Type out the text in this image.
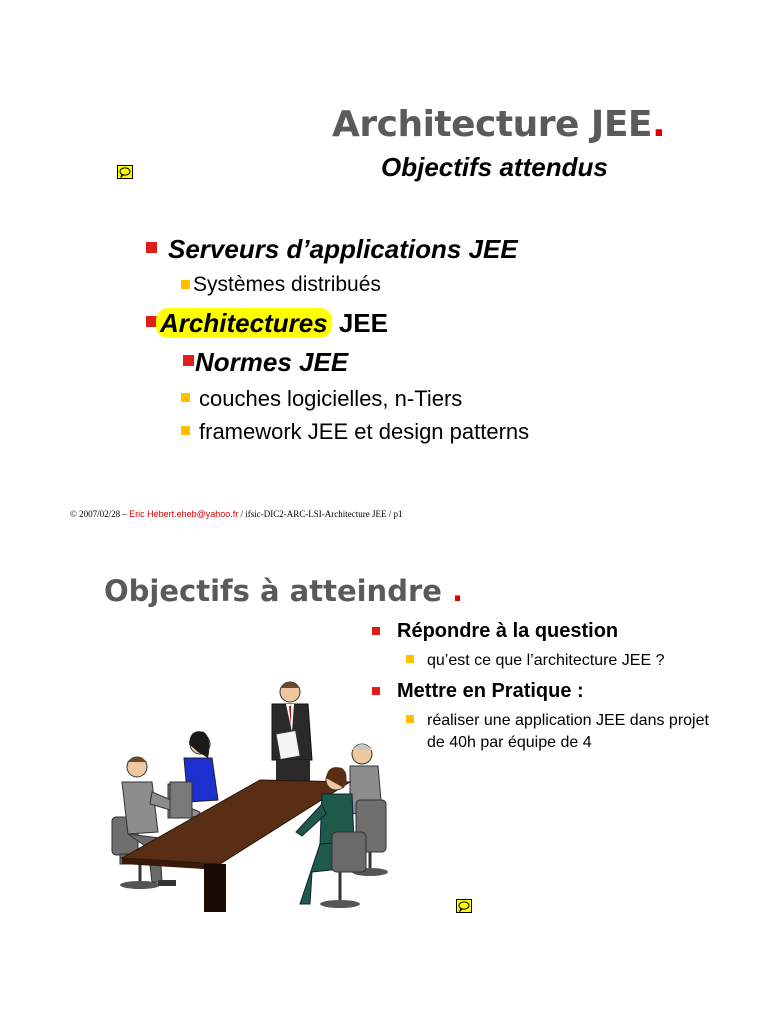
Architecture JEE.
Objectifs attendus
Serveurs d’applications JEE
Systèmes distribués
Architectures JEE
Normes JEE
couches logicielles, n-Tiers
framework JEE et design patterns
© 2007/02/28 – Eric Hébert.eheb@yahoo.fr / ifsic-DIC2-ARC-LSI-Architecture JEE / p1
Objectifs à atteindre .
Répondre à la question
qu’est ce que l’architecture JEE ?
Mettre en Pratique :
réaliser une application JEE dans projet de 40h par équipe de 4
